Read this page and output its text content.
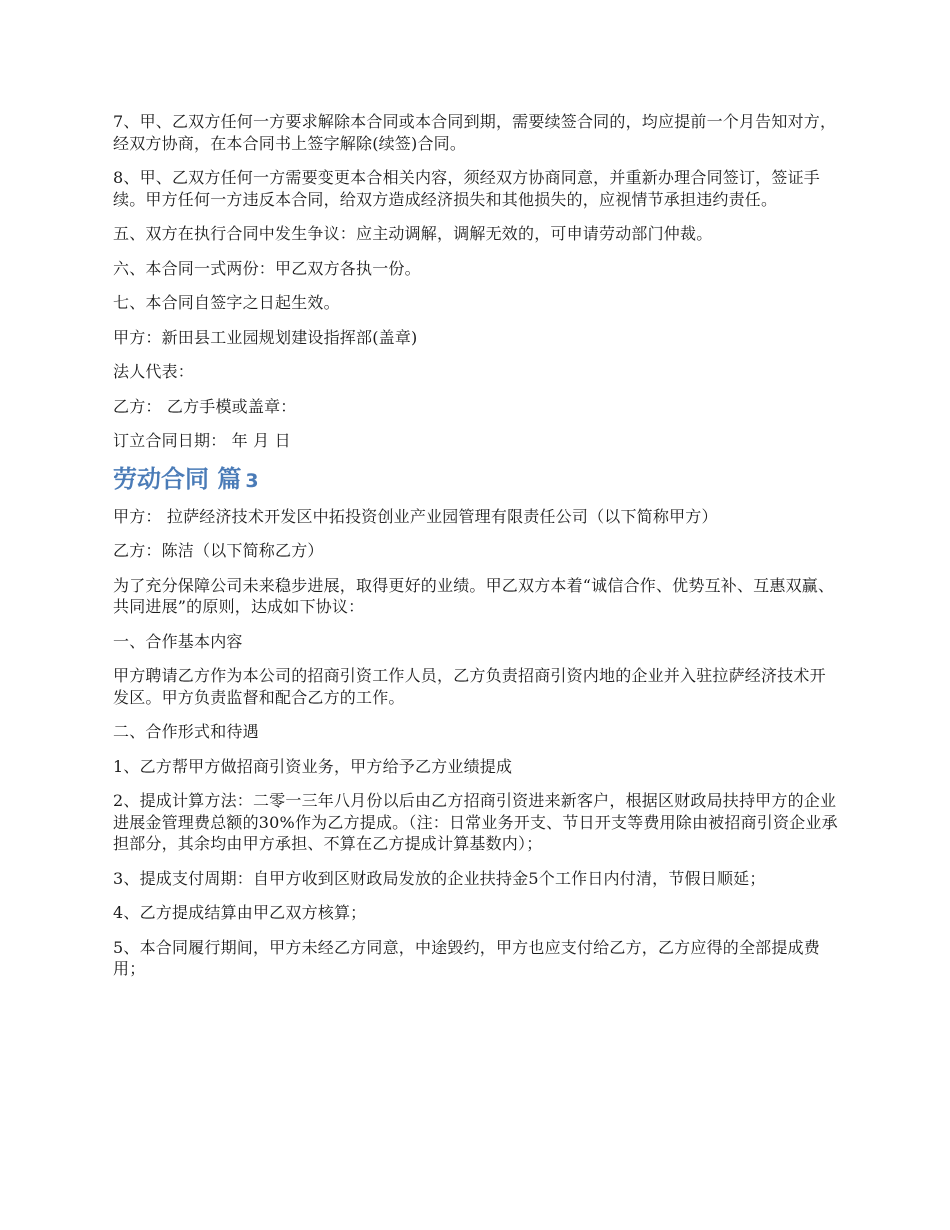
7、甲、乙双方任何一方要求解除本合同或本合同到期，需要续签合同的，均应提前一个月告知对方，经双方协商，在本合同书上签字解除(续签)合同。

8、甲、乙双方任何一方需要变更本合相关内容，须经双方协商同意，并重新办理合同签订，签证手续。甲方任何一方违反本合同，给双方造成经济损失和其他损失的，应视情节承担违约责任。

五、双方在执行合同中发生争议：应主动调解，调解无效的，可申请劳动部门仲裁。

六、本合同一式两份：甲乙双方各执一份。

七、本合同自签字之日起生效。

甲方：新田县工业园规划建设指挥部(盖章)

法人代表：

乙方： 乙方手模或盖章：

订立合同日期： 年 月 日

劳动合同 篇 3

甲方： 拉萨经济技术开发区中拓投资创业产业园管理有限责任公司（以下简称甲方）

乙方：陈洁（以下简称乙方）

为了充分保障公司未来稳步进展，取得更好的业绩。甲乙双方本着“诚信合作、优势互补、互惠双赢、共同进展”的原则，达成如下协议：

一、合作基本内容

甲方聘请乙方作为本公司的招商引资工作人员，乙方负责招商引资内地的企业并入驻拉萨经济技术开发区。甲方负责监督和配合乙方的工作。

二、合作形式和待遇

1、乙方帮甲方做招商引资业务，甲方给予乙方业绩提成

2、提成计算方法：二零一三年八月份以后由乙方招商引资进来新客户，根据区财政局扶持甲方的企业进展金管理费总额的30%作为乙方提成。（注：日常业务开支、节日开支等费用除由被招商引资企业承担部分，其余均由甲方承担、不算在乙方提成计算基数内）；

3、提成支付周期：自甲方收到区财政局发放的企业扶持金5个工作日内付清，节假日顺延；

4、乙方提成结算由甲乙双方核算；

5、本合同履行期间，甲方未经乙方同意，中途毁约，甲方也应支付给乙方，乙方应得的全部提成费用；
